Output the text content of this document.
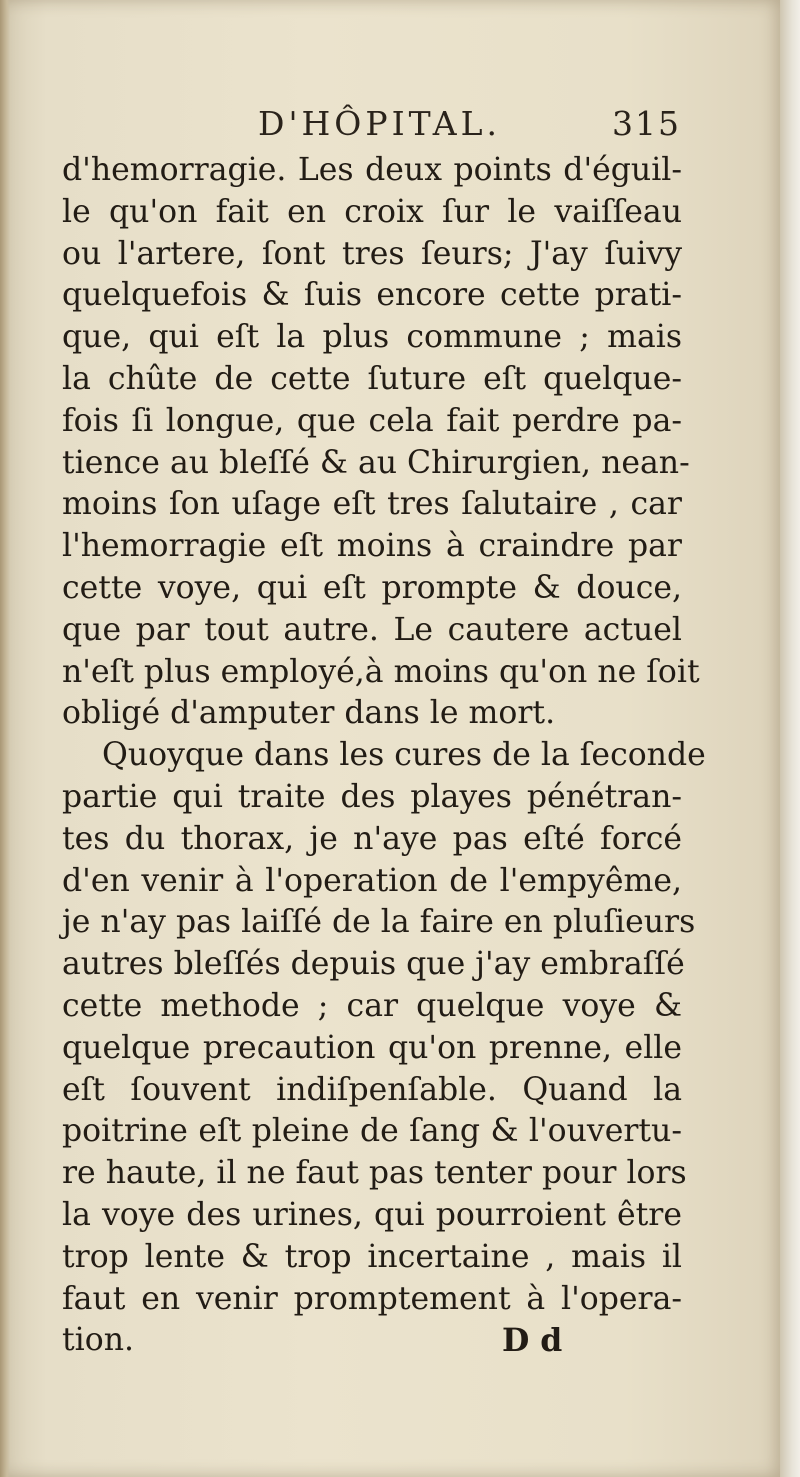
D'HÔPITAL.	315
d'hemorragie. Les deux points d'éguil-
le qu'on fait en croix ſur le vaiſſeau
ou l'artere, ſont tres ſeurs; J'ay ſuivy
quelquefois & ſuis encore cette prati-
que, qui eſt la plus commune ; mais
la chûte de cette ſuture eſt quelque-
fois ſi longue, que cela fait perdre pa-
tience au bleſſé & au Chirurgien, nean-
moins ſon uſage eſt tres ſalutaire , car
l'hemorragie eſt moins à craindre par
cette voye, qui eſt prompte & douce,
que par tout autre. Le cautere actuel
n'eſt plus employé,à moins qu'on ne ſoit
obligé d'amputer dans le mort.
Quoyque dans les cures de la ſeconde
partie qui traite des playes pénétran-
tes du thorax, je n'aye pas eſté forcé
d'en venir à l'operation de l'empyême,
je n'ay pas laiſſé de la faire en pluſieurs
autres bleſſés depuis que j'ay embraſſé
cette methode ; car quelque voye &
quelque precaution qu'on prenne, elle
eſt ſouvent indiſpenſable. Quand la
poitrine eſt pleine de ſang & l'ouvertu-
re haute, il ne faut pas tenter pour lors
la voye des urines, qui pourroient être
trop lente & trop incertaine , mais il
faut en venir promptement à l'opera-
tion.	D d
